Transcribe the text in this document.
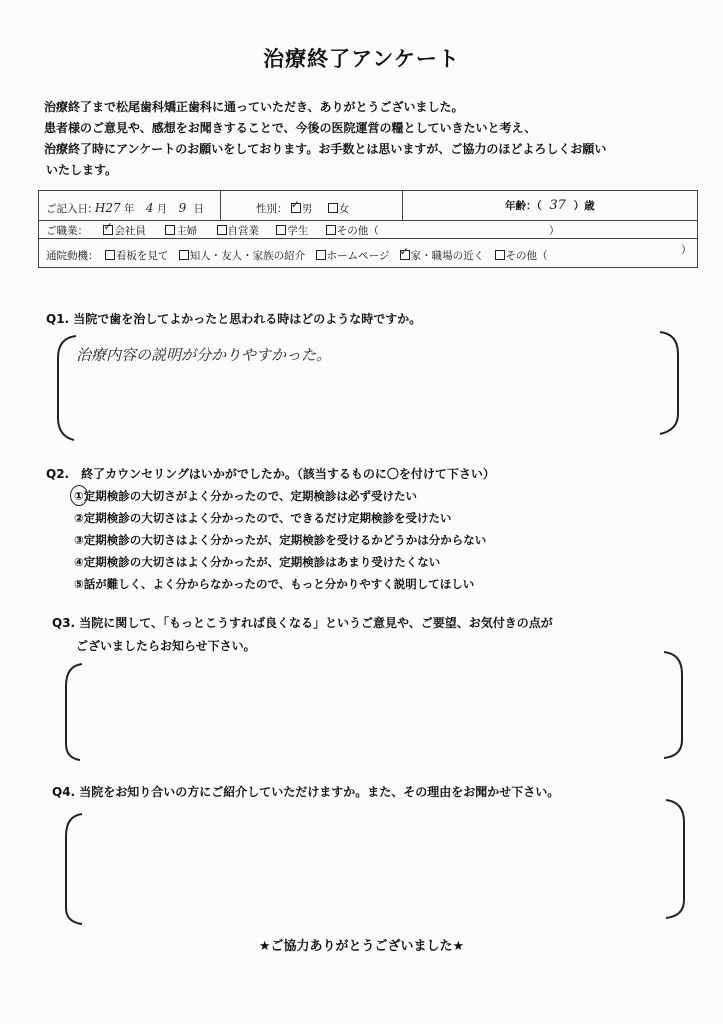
治療終了アンケート
治療終了まで松尾歯科矯正歯科に通っていただき、ありがとうございました。
患者様のご意見や、感想をお聞きすることで、今後の医院運営の糧としていきたいと考え、
治療終了時にアンケートのお願いをしております。お手数とは思いますが、ご協力のほどよろしくお願い
いたします。
ご記入日: H27 年 4 月 9 日	性別： ✓ 男	女	年齢：（ 37 ）歳
ご職業： ✓	会社員	主婦	自営業	学生	その他（	）
通院動機： 看板を見て 知人・友人・家族の紹介 ホームページ ✓ 家・職場の近く その他（	）
Q1. 当院で歯を治してよかったと思われる時はどのような時ですか。
治療内容の説明が分かりやすかった。
Q2.　終了カウンセリングはいかがでしたか。（該当するものに〇を付けて下さい）
①定期検診の大切さがよく分かったので、定期検診は必ず受けたい
②定期検診の大切さはよく分かったので、できるだけ定期検診を受けたい
③定期検診の大切さはよく分かったが、定期検診を受けるかどうかは分からない
④定期検診の大切さはよく分かったが、定期検診はあまり受けたくない
⑤話が難しく、よく分からなかったので、もっと分かりやすく説明してほしい
Q3. 当院に関して、「もっとこうすれば良くなる」というご意見や、ご要望、お気付きの点が
ございましたらお知らせ下さい。
Q4. 当院をお知り合いの方にご紹介していただけますか。また、その理由をお聞かせ下さい。
★ご協力ありがとうございました★
